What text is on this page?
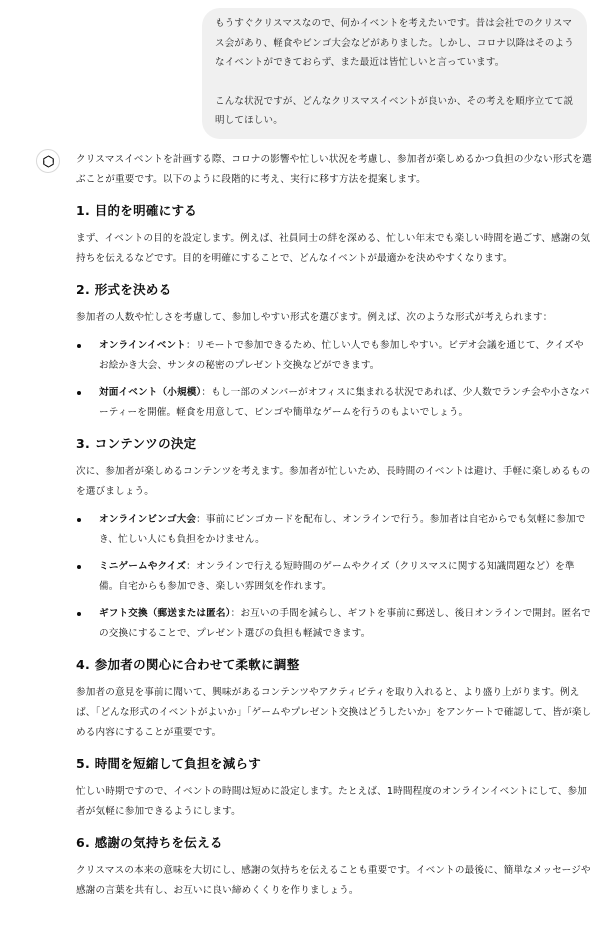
もうすぐクリスマスなので、何かイベントを考えたいです。昔は会社でのクリスマス会があり、軽食やビンゴ大会などがありました。しかし、コロナ以降はそのようなイベントができておらず、また最近は皆忙しいと言っています。

こんな状況ですが、どんなクリスマスイベントが良いか、その考えを順序立てて説明してほしい。

クリスマスイベントを計画する際、コロナの影響や忙しい状況を考慮し、参加者が楽しめるかつ負担の少ない形式を選ぶことが重要です。以下のように段階的に考え、実行に移す方法を提案します。

1. 目的を明確にする

まず、イベントの目的を設定します。例えば、社員同士の絆を深める、忙しい年末でも楽しい時間を過ごす、感謝の気持ちを伝えるなどです。目的を明確にすることで、どんなイベントが最適かを決めやすくなります。

2. 形式を決める

参加者の人数や忙しさを考慮して、参加しやすい形式を選びます。例えば、次のような形式が考えられます：

オンラインイベント：リモートで参加できるため、忙しい人でも参加しやすい。ビデオ会議を通じて、クイズやお絵かき大会、サンタの秘密のプレゼント交換などができます。
対面イベント（小規模）：もし一部のメンバーがオフィスに集まれる状況であれば、少人数でランチ会や小さなパーティーを開催。軽食を用意して、ビンゴや簡単なゲームを行うのもよいでしょう。
3. コンテンツの決定

次に、参加者が楽しめるコンテンツを考えます。参加者が忙しいため、長時間のイベントは避け、手軽に楽しめるものを選びましょう。

オンラインビンゴ大会：事前にビンゴカードを配布し、オンラインで行う。参加者は自宅からでも気軽に参加でき、忙しい人にも負担をかけません。
ミニゲームやクイズ：オンラインで行える短時間のゲームやクイズ（クリスマスに関する知識問題など）を準備。自宅からも参加でき、楽しい雰囲気を作れます。
ギフト交換（郵送または匿名）：お互いの手間を減らし、ギフトを事前に郵送し、後日オンラインで開封。匿名での交換にすることで、プレゼント選びの負担も軽減できます。
4. 参加者の関心に合わせて柔軟に調整

参加者の意見を事前に聞いて、興味があるコンテンツやアクティビティを取り入れると、より盛り上がります。例えば、「どんな形式のイベントがよいか」「ゲームやプレゼント交換はどうしたいか」をアンケートで確認して、皆が楽しめる内容にすることが重要です。

5. 時間を短縮して負担を減らす

忙しい時期ですので、イベントの時間は短めに設定します。たとえば、1時間程度のオンラインイベントにして、参加者が気軽に参加できるようにします。

6. 感謝の気持ちを伝える

クリスマスの本来の意味を大切にし、感謝の気持ちを伝えることも重要です。イベントの最後に、簡単なメッセージや感謝の言葉を共有し、お互いに良い締めくくりを作りましょう。
